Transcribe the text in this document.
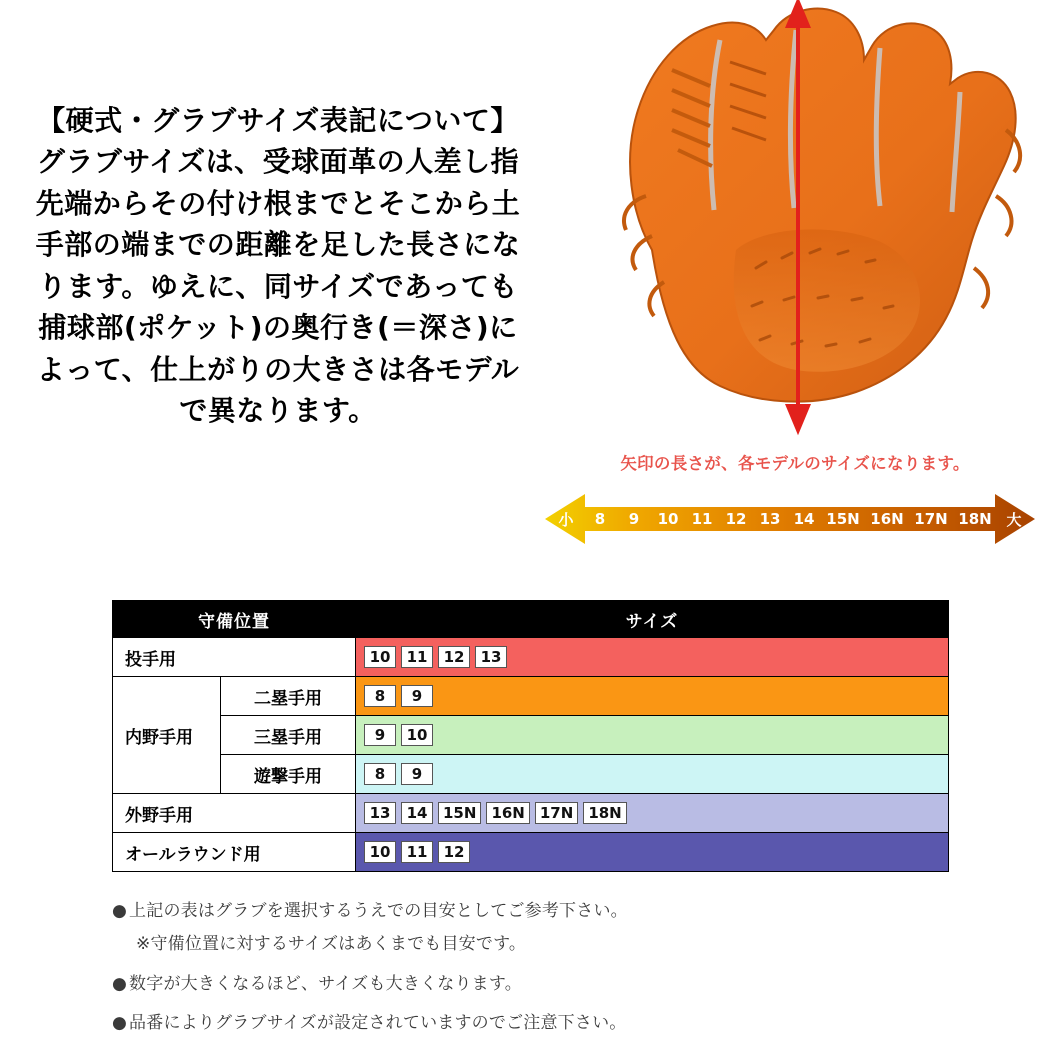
【硬式・グラブサイズ表記について】
グラブサイズは、受球面革の人差し指
先端からその付け根までとそこから土
手部の端までの距離を足した長さにな
ります。ゆえに、同サイズであっても
捕球部(ポケット)の奥行き(＝深さ)に
よって、仕上がりの大きさは各モデル
で異なります。
矢印の長さが、各モデルのサイズになります。
小	8	9	10 11 12 13 14 15N 16N 17N 18N 大
守備位置		サイズ
投手用		10 11 12 13

内野手用	二塁手用	8 9

	三塁手用	9 10

	遊撃手用	8 9

外野手用	13	14	15N	16N	17N	18N

オールラウンド用		10 11 12
● 上記の表はグラブを選択するうえでの目安としてご参考下さい。
※守備位置に対するサイズはあくまでも目安です。
● 数字が大きくなるほど、サイズも大きくなります。
● 品番によりグラブサイズが設定されていますのでご注意下さい。
